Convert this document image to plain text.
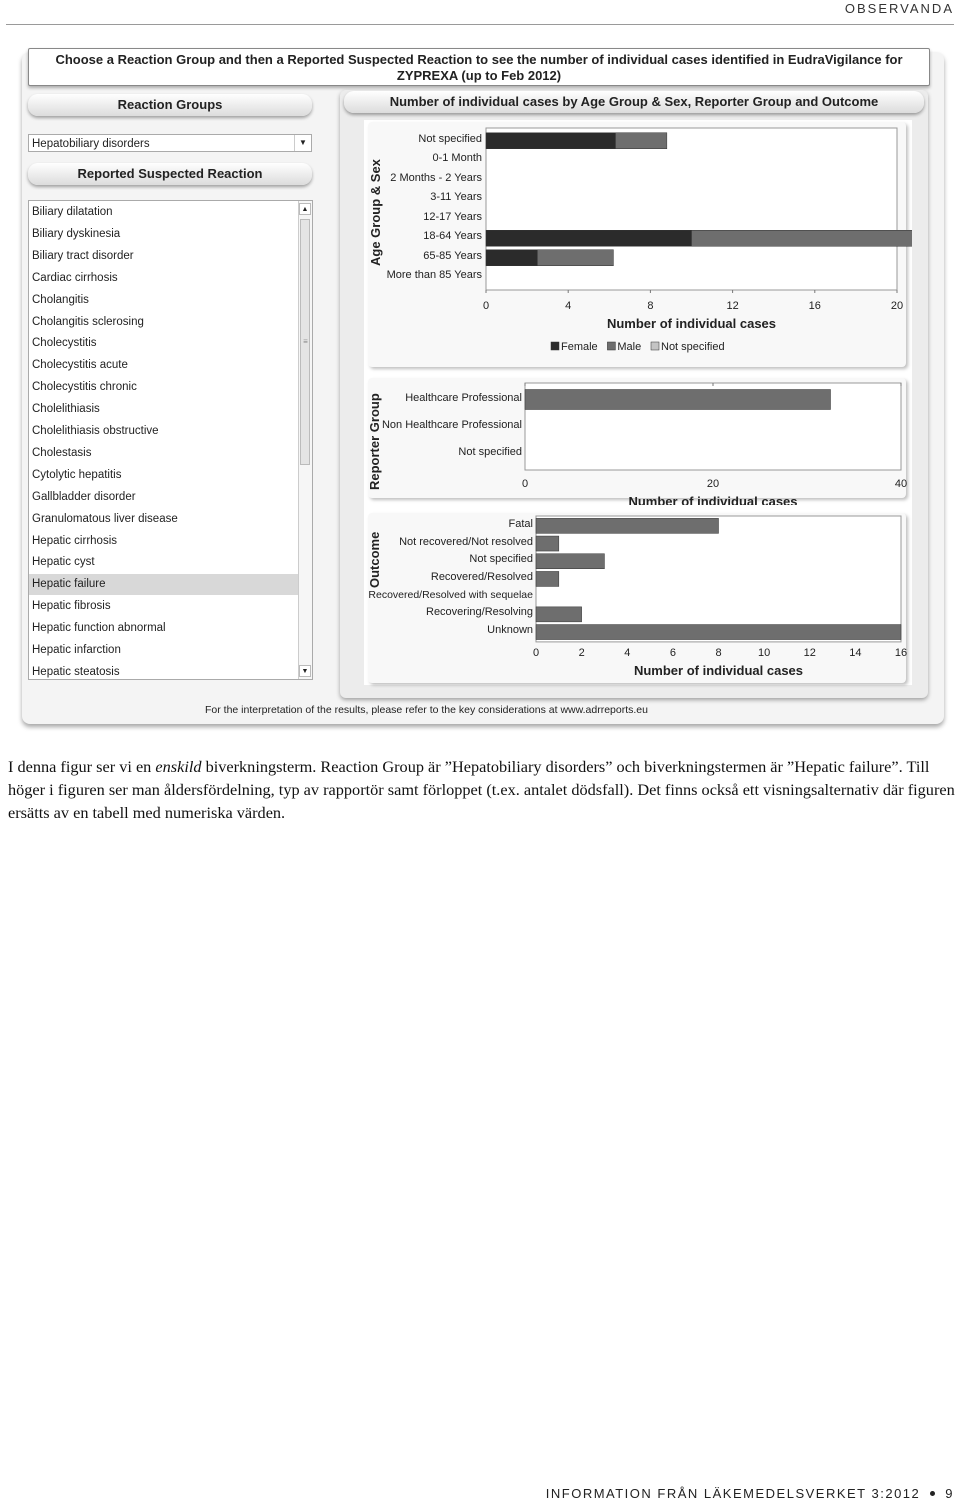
OBSERVANDA
Choose a Reaction Group and then a Reported Suspected Reaction to see the number of individual cases identified in EudraVigilance for ZYPREXA (up to Feb 2012)
Reaction Groups
Hepatobiliary disorders	▼
Reported Suspected Reaction
Biliary dilatation
Biliary dyskinesia
Biliary tract disorder
Cardiac cirrhosis
Cholangitis
Cholangitis sclerosing
Cholecystitis
Cholecystitis acute
Cholecystitis chronic
Cholelithiasis
Cholelithiasis obstructive
Cholestasis
Cytolytic hepatitis
Gallbladder disorder
Granulomatous liver disease
Hepatic cirrhosis
Hepatic cyst
Hepatic failure
Hepatic fibrosis
Hepatic function abnormal
Hepatic infarction
Hepatic steatosis
▲
≡
▼
Number of individual cases by Age Group & Sex, Reporter Group and Outcome
Age Group & Sex
Not specified
0-1 Month
2 Months - 2 Years
3-11 Years
12-17 Years
18-64 Years
65-85 Years
More than 85 Years
0	4	8	12	16	20
Number of individual cases
Female Male Not specified
Reporter Group Healthcare Professional
Non Healthcare Professional
Not specified
0	20	40
Number of individual cases
Outcome
Fatal
Not recovered/Not resolved
Not specified
Recovered/Resolved
Recovered/Resolved with sequelae
Recovering/Resolving
Unknown
0	2	4	6	8	10	12	14	16
Number of individual cases
For the interpretation of the results, please refer to the key considerations at www.adrreports.eu
I denna figur ser vi en enskild biverkningsterm. Reaction Group är ”Hepatobiliary disorders” och biverkningstermen är ”Hepatic failure”. Till höger i figuren ser man åldersfördelning, typ av rapportör samt förloppet (t.ex. antalet dödsfall). Det finns också ett visningsalternativ där figuren ersätts av en tabell med numeriska värden.
INFORMATION FRÅN LÄKEMEDELSVERKET 3:2012 9
